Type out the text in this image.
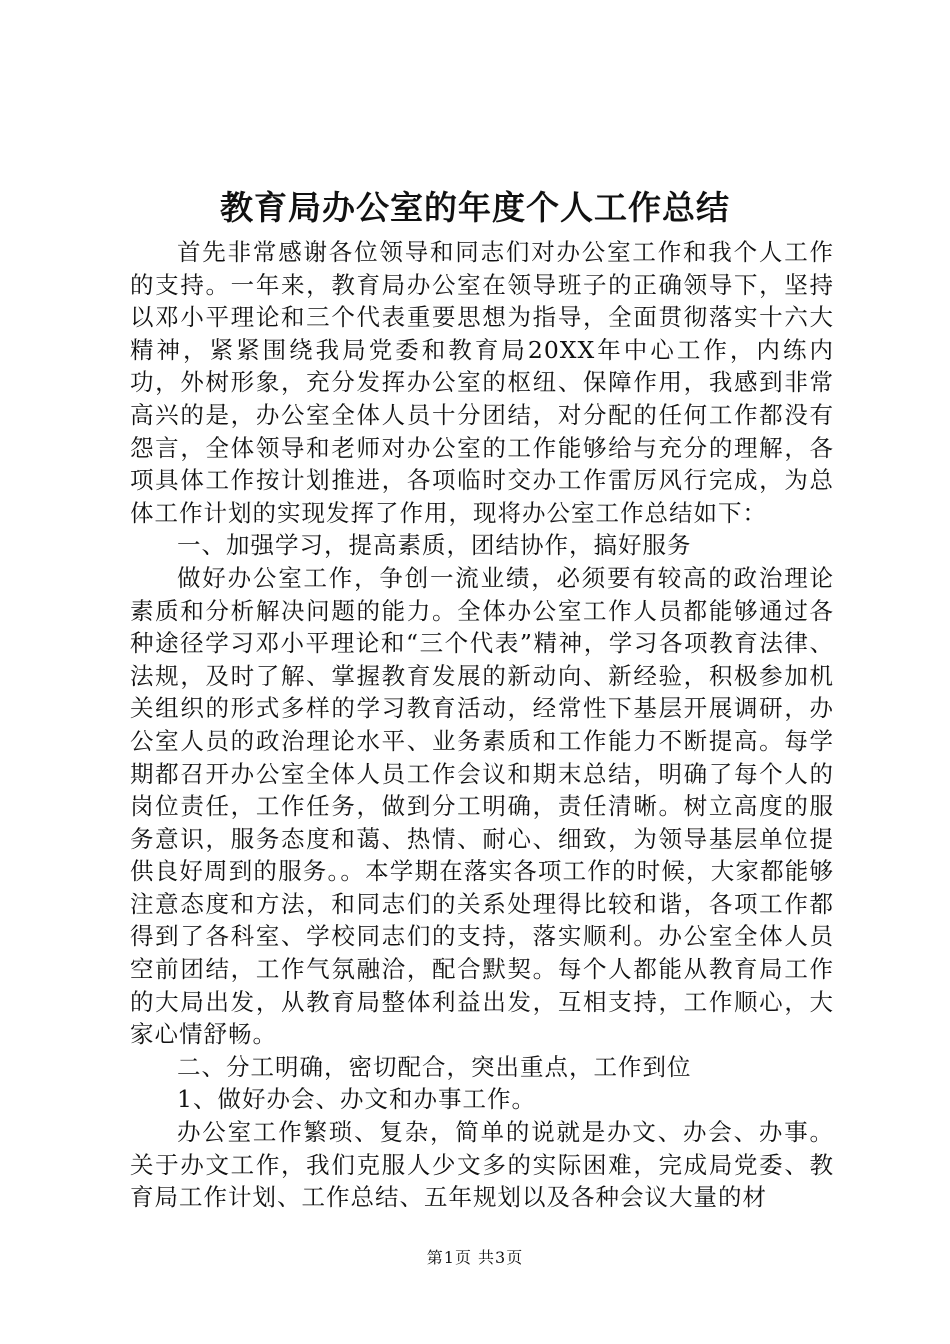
教育局办公室的年度个人工作总结

首先非常感谢各位领导和同志们对办公室工作和我个人工作的支持。一年来，教育局办公室在领导班子的正确领导下，坚持以邓小平理论和三个代表重要思想为指导，全面贯彻落实十六大精神，紧紧围绕我局党委和教育局20XX年中心工作，内练内功，外树形象，充分发挥办公室的枢纽、保障作用，我感到非常高兴的是，办公室全体人员十分团结，对分配的任何工作都没有怨言，全体领导和老师对办公室的工作能够给与充分的理解，各项具体工作按计划推进，各项临时交办工作雷厉风行完成，为总体工作计划的实现发挥了作用，现将办公室工作总结如下：

一、加强学习，提高素质，团结协作，搞好服务

做好办公室工作，争创一流业绩，必须要有较高的政治理论素质和分析解决问题的能力。全体办公室工作人员都能够通过各种途径学习邓小平理论和“三个代表”精神，学习各项教育法律、法规，及时了解、掌握教育发展的新动向、新经验，积极参加机关组织的形式多样的学习教育活动，经常性下基层开展调研，办公室人员的政治理论水平、业务素质和工作能力不断提高。每学期都召开办公室全体人员工作会议和期末总结，明确了每个人的岗位责任，工作任务，做到分工明确，责任清晰。树立高度的服务意识，服务态度和蔼、热情、耐心、细致，为领导基层单位提供良好周到的服务。。本学期在落实各项工作的时候，大家都能够注意态度和方法，和同志们的关系处理得比较和谐，各项工作都得到了各科室、学校同志们的支持，落实顺利。办公室全体人员空前团结，工作气氛融洽，配合默契。每个人都能从教育局工作的大局出发，从教育局整体利益出发，互相支持，工作顺心，大家心情舒畅。

二、分工明确，密切配合，突出重点，工作到位

1、做好办会、办文和办事工作。

办公室工作繁琐、复杂，简单的说就是办文、办会、办事。关于办文工作，我们克服人少文多的实际困难，完成局党委、教育局工作计划、工作总结、五年规划以及各种会议大量的材

第1页 共3页
